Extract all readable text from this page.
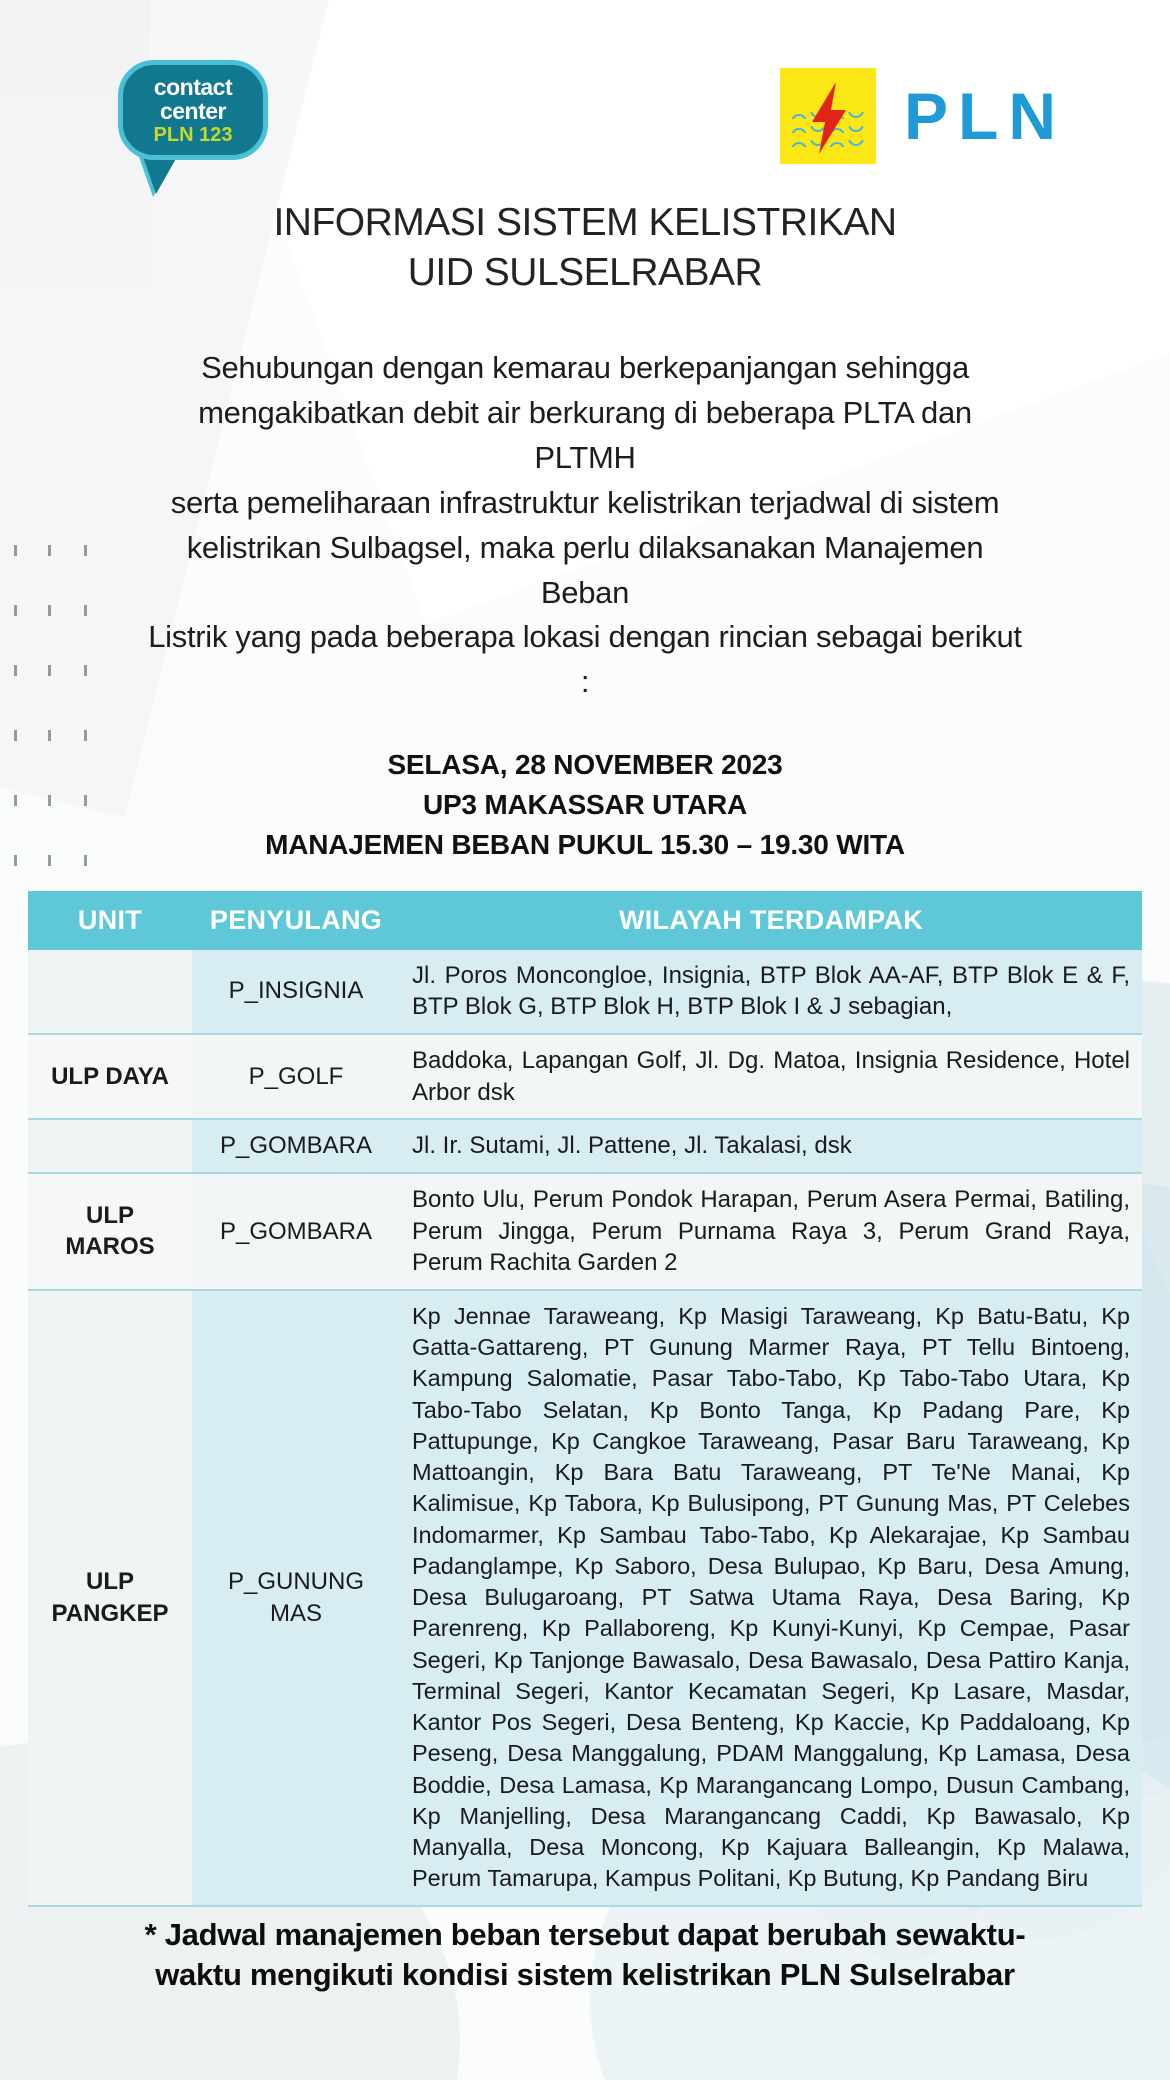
contact
center
PLN 123	PLN
INFORMASI SISTEM KELISTRIKAN
UID SULSELRABAR
Sehubungan dengan kemarau berkepanjangan sehingga
mengakibatkan debit air berkurang di beberapa PLTA dan PLTMH
serta pemeliharaan infrastruktur kelistrikan terjadwal di sistem
kelistrikan Sulbagsel, maka perlu dilaksanakan Manajemen Beban
Listrik yang pada beberapa lokasi dengan rincian sebagai berikut :
SELASA, 28 NOVEMBER 2023
UP3 MAKASSAR UTARA
MANAJEMEN BEBAN PUKUL 15.30 – 19.30 WITA
UNIT	PENYULANG	WILAYAH TERDAMPAK
	P_INSIGNIA	Jl. Poros Moncongloe, Insignia, BTP Blok AA-AF, BTP Blok E & F, BTP Blok G, BTP Blok H, BTP Blok I & J sebagian,
ULP DAYA	P_GOLF	Baddoka, Lapangan Golf, Jl. Dg. Matoa, Insignia Residence, Hotel Arbor dsk
	P_GOMBARA	Jl. Ir. Sutami, Jl. Pattene, Jl. Takalasi, dsk
ULP MAROS	P_GOMBARA	Bonto Ulu, Perum Pondok Harapan, Perum Asera Permai, Batiling, Perum Jingga, Perum Purnama Raya 3, Perum Grand Raya, Perum Rachita Garden 2
ULP PANGKEP	P_GUNUNG MAS	Kp Jennae Taraweang, Kp Masigi Taraweang, Kp Batu-Batu, Kp Gatta-Gattareng, PT Gunung Marmer Raya, PT Tellu Bintoeng, Kampung Salomatie, Pasar Tabo-Tabo, Kp Tabo-Tabo Utara, Kp Tabo-Tabo Selatan, Kp Bonto Tanga, Kp Padang Pare, Kp Pattupunge, Kp Cangkoe Taraweang, Pasar Baru Taraweang, Kp Mattoangin, Kp Bara Batu Taraweang, PT Te'Ne Manai, Kp Kalimisue, Kp Tabora, Kp Bulusipong, PT Gunung Mas, PT Celebes Indomarmer, Kp Sambau Tabo-Tabo, Kp Alekarajae, Kp Sambau Padanglampe, Kp Saboro, Desa Bulupao, Kp Baru, Desa Amung, Desa Bulugaroang, PT Satwa Utama Raya, Desa Baring, Kp Parenreng, Kp Pallaboreng, Kp Kunyi-Kunyi, Kp Cempae, Pasar Segeri, Kp Tanjonge Bawasalo, Desa Bawasalo, Desa Pattiro Kanja, Terminal Segeri, Kantor Kecamatan Segeri, Kp Lasare, Masdar, Kantor Pos Segeri, Desa Benteng, Kp Kaccie, Kp Paddaloang, Kp Peseng, Desa Manggalung, PDAM Manggalung, Kp Lamasa, Desa Boddie, Desa Lamasa, Kp Marangancang Lompo, Dusun Cambang, Kp Manjelling, Desa Marangancang Caddi, Kp Bawasalo, Kp Manyalla, Desa Moncong, Kp Kajuara Balleangin, Kp Malawa, Perum Tamarupa, Kampus Politani, Kp Butung, Kp Pandang Biru
* Jadwal manajemen beban tersebut dapat berubah sewaktu-
waktu mengikuti kondisi sistem kelistrikan PLN Sulselrabar
